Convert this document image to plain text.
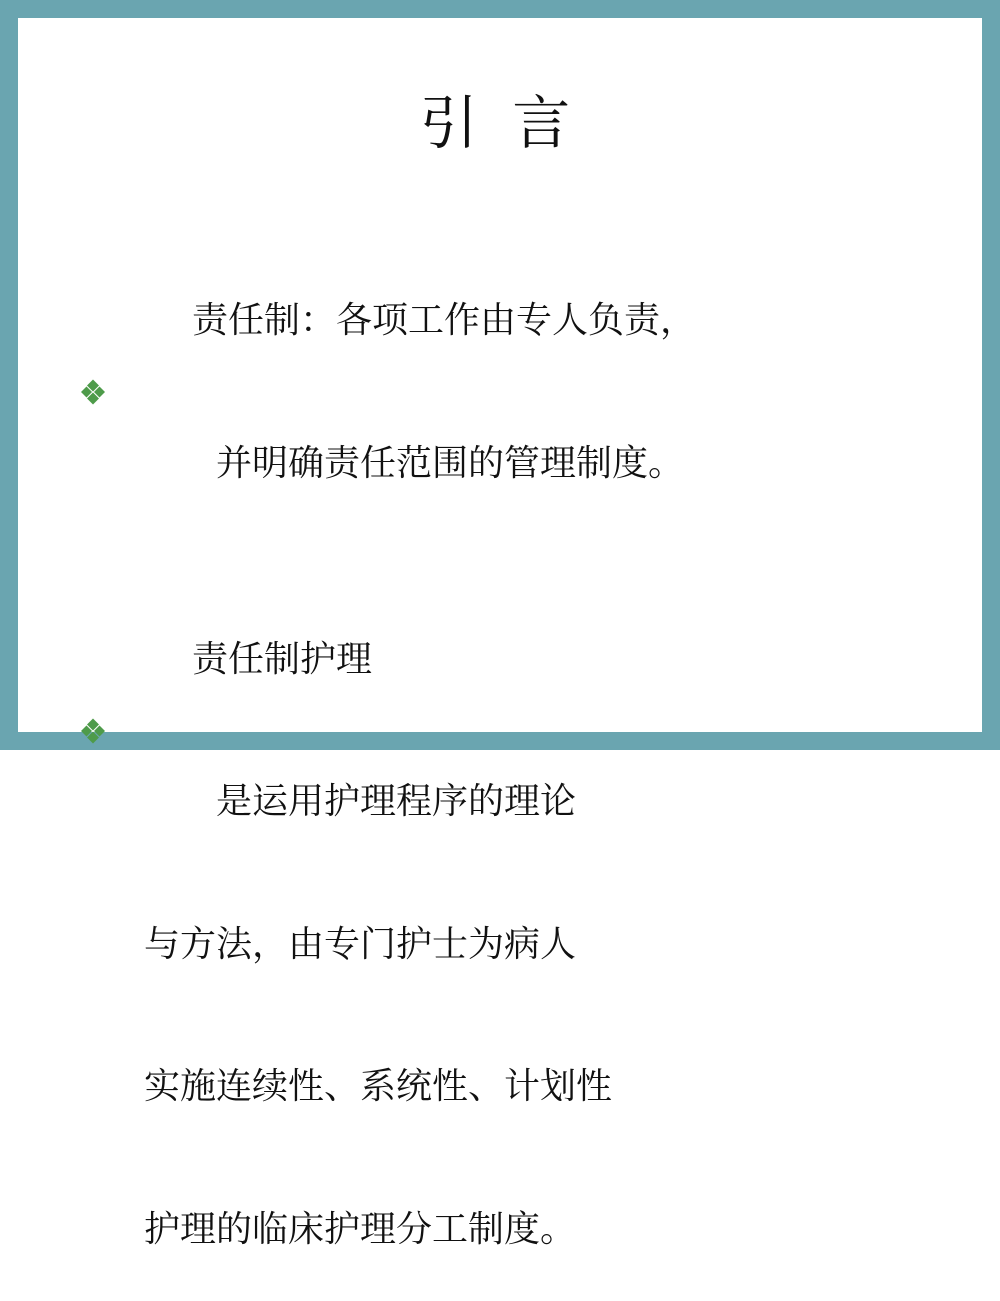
引 言

责任制：各项工作由专人负责，

并明确责任范围的管理制度。

责任制护理

是运用护理程序的理论

与方法，由专门护士为病人

实施连续性、系统性、计划性

护理的临床护理分工制度。
